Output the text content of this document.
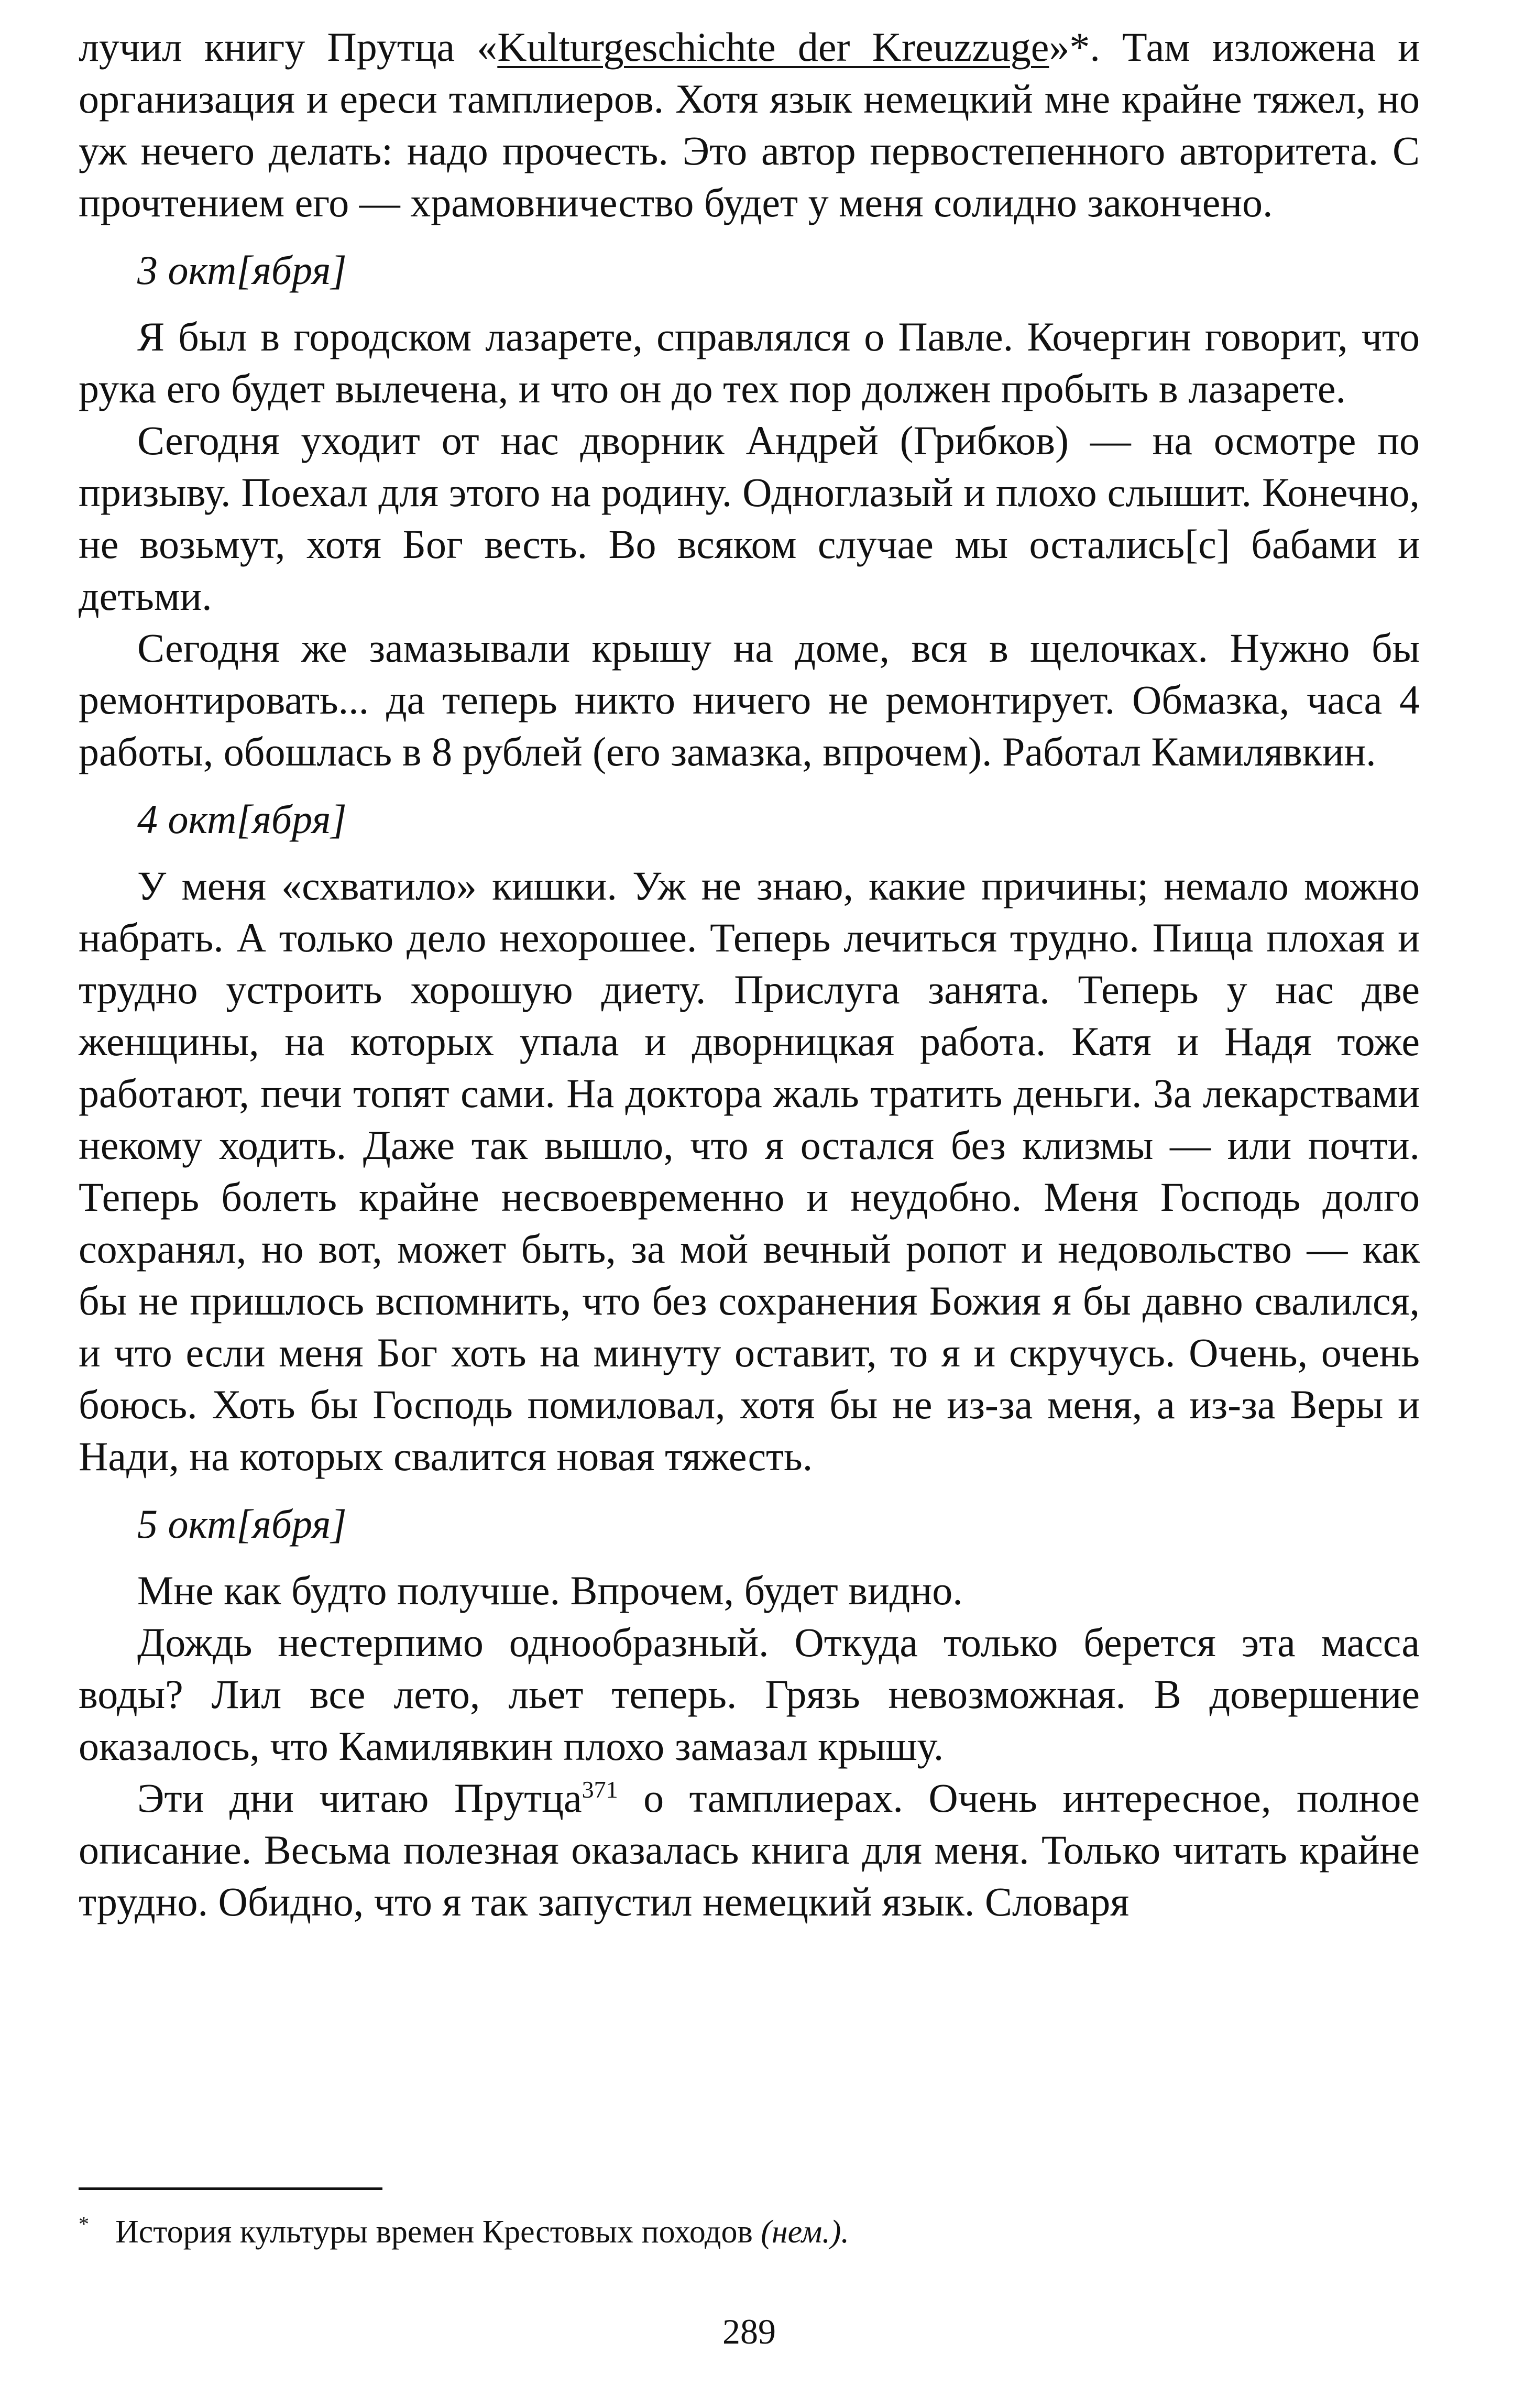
лучил книгу Прутца «Kulturgeschichte der Kreuzzuge»*. Там изложена и организация и ереси тамплиеров. Хотя язык немецкий мне крайне тяжел, но уж нечего делать: надо прочесть. Это автор первостепенного авторитета. С прочтением его — храмовничество будет у меня солидно закончено.

3 окт[ября]

Я был в городском лазарете, справлялся о Павле. Кочергин говорит, что рука его будет вылечена, и что он до тех пор должен пробыть в лазарете.

Сегодня уходит от нас дворник Андрей (Грибков) — на осмотре по призыву. Поехал для этого на родину. Одноглазый и плохо слышит. Конечно, не возьмут, хотя Бог весть. Во всяком случае мы остались[с] бабами и детьми.

Сегодня же замазывали крышу на доме, вся в щелочках. Нужно бы ремонтировать... да теперь никто ничего не ремонтирует. Обмазка, часа 4 работы, обошлась в 8 рублей (его замазка, впрочем). Работал Камилявкин.

4 окт[ября]

У меня «схватило» кишки. Уж не знаю, какие причины; немало можно набрать. А только дело нехорошее. Теперь лечиться трудно. Пища плохая и трудно устроить хорошую диету. Прислуга занята. Теперь у нас две женщины, на которых упала и дворницкая работа. Катя и Надя тоже работают, печи топят сами. На доктора жаль тратить деньги. За лекарствами некому ходить. Даже так вышло, что я остался без клизмы — или почти. Теперь болеть крайне несвоевременно и неудобно. Меня Господь долго сохранял, но вот, может быть, за мой вечный ропот и недовольство — как бы не пришлось вспомнить, что без сохранения Божия я бы давно свалился, и что если меня Бог хоть на минуту оставит, то я и скручусь. Очень, очень боюсь. Хоть бы Господь помиловал, хотя бы не из-за меня, а из-за Веры и Нади, на которых свалится новая тяжесть.

5 окт[ября]

Мне как будто получше. Впрочем, будет видно.

Дождь нестерпимо однообразный. Откуда только берется эта масса воды? Лил все лето, льет теперь. Грязь невозможная. В довершение оказалось, что Камилявкин плохо замазал крышу.

Эти дни читаю Прутца$^{371}$ о тамплиерах. Очень интересное, полное описание. Весьма полезная оказалась книга для меня. Только читать крайне трудно. Обидно, что я так запустил немецкий язык. Словаря

* История культуры времен Крестовых походов (нем.).
289
